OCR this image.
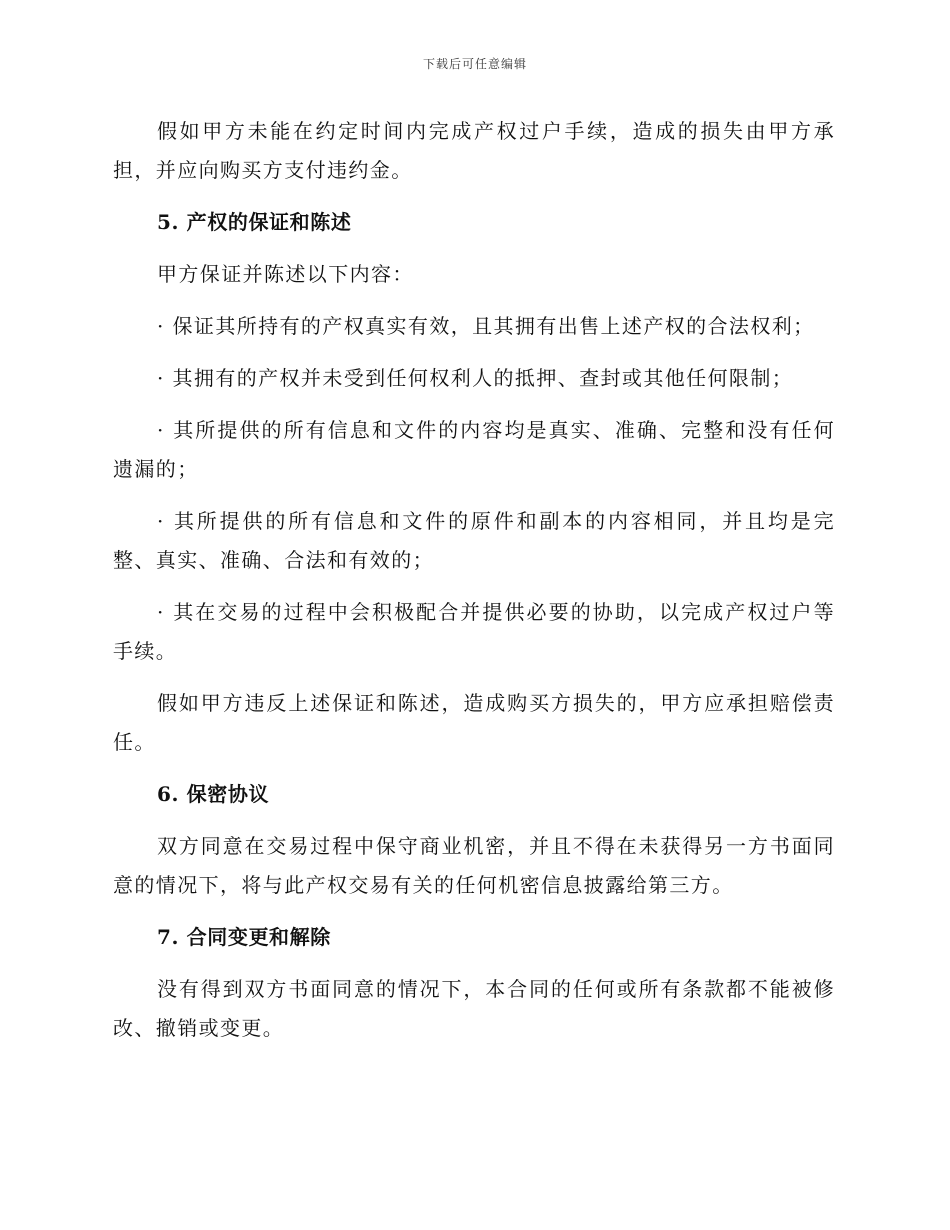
下载后可任意编辑

假如甲方未能在约定时间内完成产权过户手续，造成的损失由甲方承担，并应向购买方支付违约金。

5. 产权的保证和陈述

甲方保证并陈述以下内容：

· 保证其所持有的产权真实有效，且其拥有出售上述产权的合法权利；

· 其拥有的产权并未受到任何权利人的抵押、查封或其他任何限制；

· 其所提供的所有信息和文件的内容均是真实、准确、完整和没有任何遗漏的；

· 其所提供的所有信息和文件的原件和副本的内容相同，并且均是完整、真实、准确、合法和有效的；

· 其在交易的过程中会积极配合并提供必要的协助，以完成产权过户等手续。

假如甲方违反上述保证和陈述，造成购买方损失的，甲方应承担赔偿责任。

6. 保密协议

双方同意在交易过程中保守商业机密，并且不得在未获得另一方书面同意的情况下，将与此产权交易有关的任何机密信息披露给第三方。

7. 合同变更和解除

没有得到双方书面同意的情况下，本合同的任何或所有条款都不能被修改、撤销或变更。
